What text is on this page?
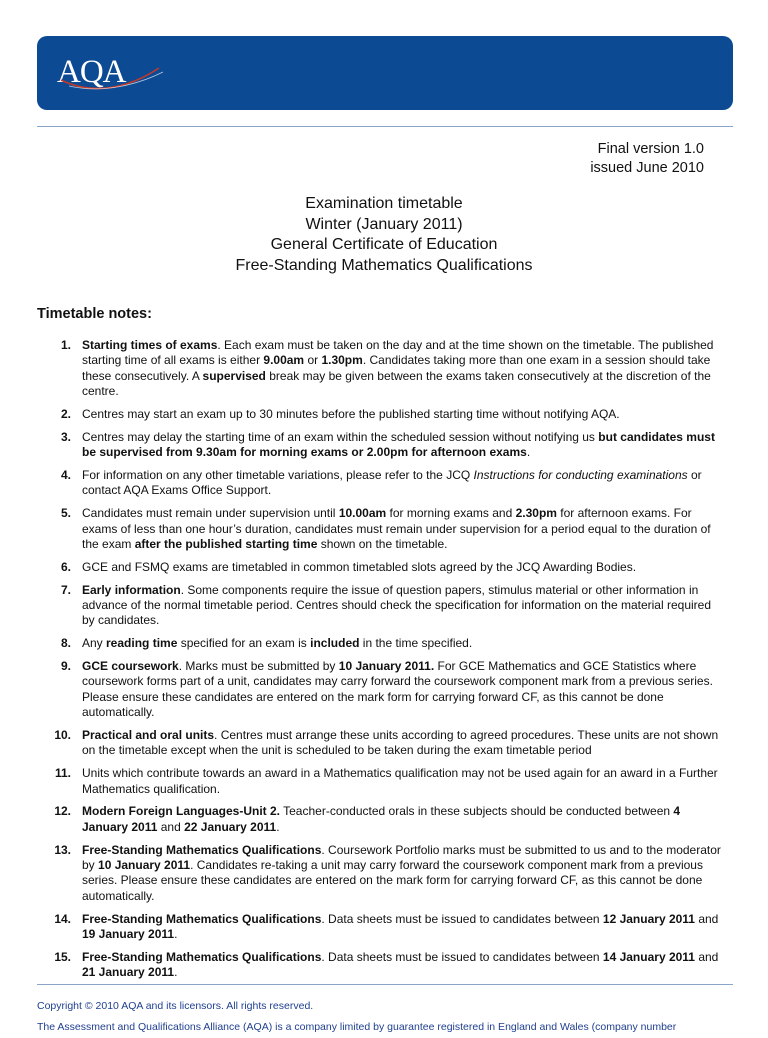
AQA
Final version 1.0
issued June 2010
Examination timetable
Winter (January 2011)
General Certificate of Education
Free-Standing Mathematics Qualifications
Timetable notes:
1. Starting times of exams. Each exam must be taken on the day and at the time shown on the timetable. The published starting time of all exams is either 9.00am or 1.30pm. Candidates taking more than one exam in a session should take these consecutively. A supervised break may be given between the exams taken consecutively at the discretion of the centre.
2. Centres may start an exam up to 30 minutes before the published starting time without notifying AQA.
3. Centres may delay the starting time of an exam within the scheduled session without notifying us but candidates must be supervised from 9.30am for morning exams or 2.00pm for afternoon exams.
4. For information on any other timetable variations, please refer to the JCQ Instructions for conducting examinations or contact AQA Exams Office Support.
5. Candidates must remain under supervision until 10.00am for morning exams and 2.30pm for afternoon exams. For exams of less than one hour’s duration, candidates must remain under supervision for a period equal to the duration of the exam after the published starting time shown on the timetable.
6. GCE and FSMQ exams are timetabled in common timetabled slots agreed by the JCQ Awarding Bodies.
7. Early information. Some components require the issue of question papers, stimulus material or other information in advance of the normal timetable period. Centres should check the specification for information on the material required by candidates.
8. Any reading time specified for an exam is included in the time specified.
9. GCE coursework. Marks must be submitted by 10 January 2011. For GCE Mathematics and GCE Statistics where coursework forms part of a unit, candidates may carry forward the coursework component mark from a previous series. Please ensure these candidates are entered on the mark form for carrying forward CF, as this cannot be done automatically.
10. Practical and oral units. Centres must arrange these units according to agreed procedures. These units are not shown on the timetable except when the unit is scheduled to be taken during the exam timetable period
11. Units which contribute towards an award in a Mathematics qualification may not be used again for an award in a Further Mathematics qualification.
12. Modern Foreign Languages-Unit 2. Teacher-conducted orals in these subjects should be conducted between 4 January 2011 and 22 January 2011.
13. Free-Standing Mathematics Qualifications. Coursework Portfolio marks must be submitted to us and to the moderator by 10 January 2011. Candidates re-taking a unit may carry forward the coursework component mark from a previous series. Please ensure these candidates are entered on the mark form for carrying forward CF, as this cannot be done automatically.
14. Free-Standing Mathematics Qualifications. Data sheets must be issued to candidates between 12 January 2011 and 19 January 2011.
15. Free-Standing Mathematics Qualifications. Data sheets must be issued to candidates between 14 January 2011 and 21 January 2011.
Copyright © 2010 AQA and its licensors. All rights reserved.
The Assessment and Qualifications Alliance (AQA) is a company limited by guarantee registered in England and Wales (company number
